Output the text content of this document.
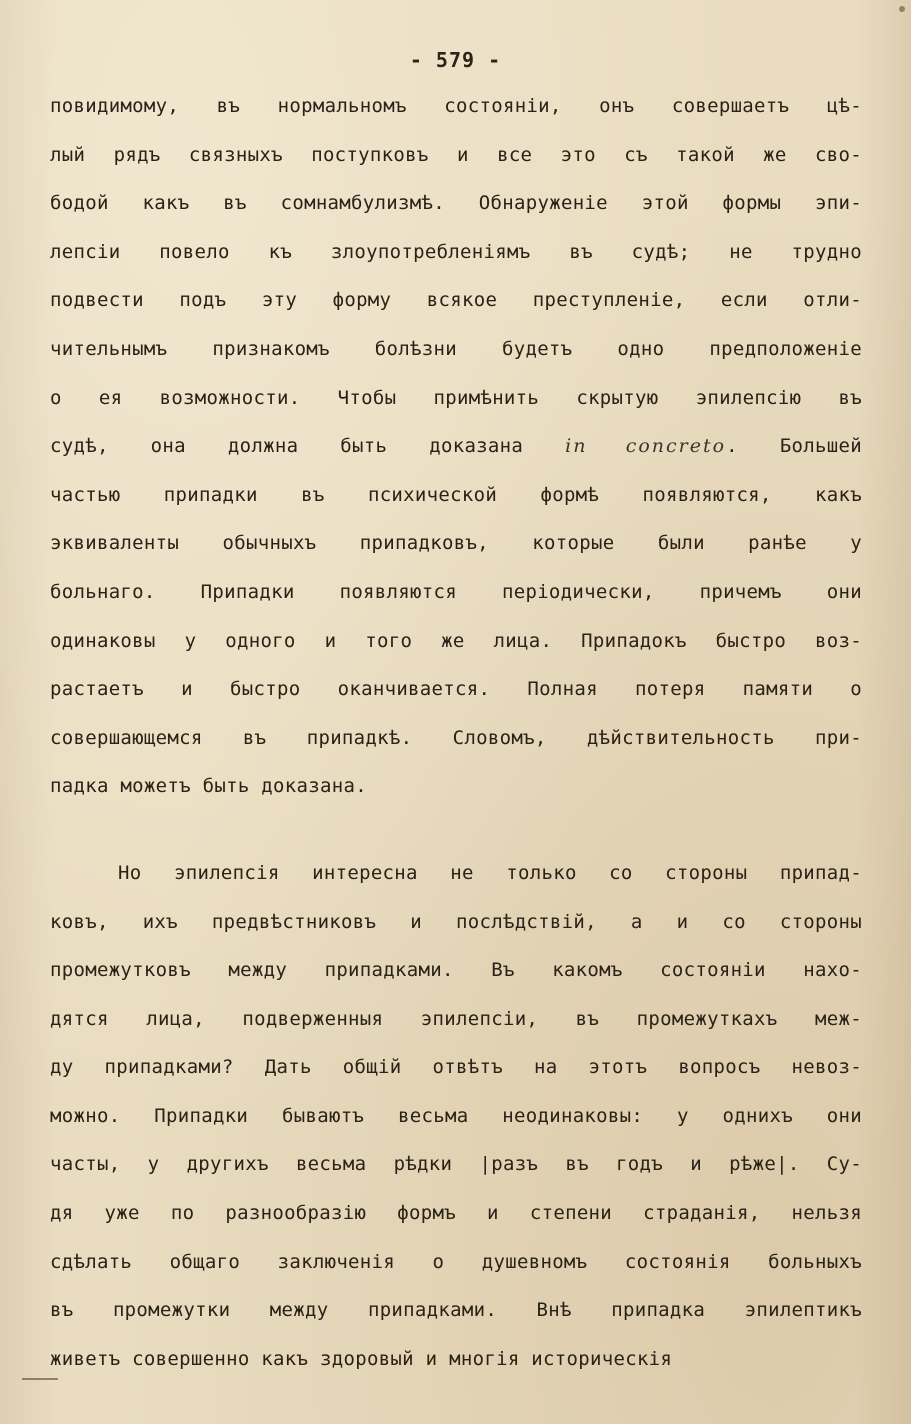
- 579 -
повидимому, въ нормальномъ состоянiи, онъ совершаетъ цѣ-
лый рядъ связныхъ поступковъ и все это съ такой же сво-
бодой какъ въ сомнамбулизмѣ. Обнаруженiе этой формы эпи-
лепсiи повело къ злоупотребленiямъ въ судѣ; не трудно
подвести подъ эту форму всякое преступленiе, если отли-
чительнымъ признакомъ болѣзни будетъ одно предположенiе
о ея возможности. Чтобы примѣнить скрытую эпилепсiю въ
судѣ, она должна быть доказана in concreto. Большей
частью припадки въ психической формѣ появляются, какъ
эквиваленты обычныхъ припадковъ, которые были ранѣе у
больнаго. Припадки появляются перiодически, причемъ они
одинаковы у одного и того же лица. Припадокъ быстро воз-
растаетъ и быстро оканчивается. Полная потеря памяти о
совершающемся въ припадкѣ. Словомъ, дѣйствительность при-
падка можетъ быть доказана.
Но эпилепсiя интересна не только со стороны припад-
ковъ, ихъ предвѣстниковъ и послѣдствiй, а и со стороны
промежутковъ между припадками. Въ какомъ состоянiи нахо-
дятся лица, подверженныя эпилепсiи, въ промежуткахъ меж-
ду припадками? Дать общiй отвѣтъ на этотъ вопросъ невоз-
можно. Припадки бываютъ весьма неодинаковы: у однихъ они
часты, у другихъ весьма рѣдки |разъ въ годъ и рѣже|. Су-
дя уже по разнообразiю формъ и степени страданiя, нельзя
сдѣлать общаго заключенiя о душевномъ состоянiя больныхъ
въ промежутки между припадками. Внѣ припадка эпилептикъ
живетъ совершенно какъ здоровый и многiя историческiя
